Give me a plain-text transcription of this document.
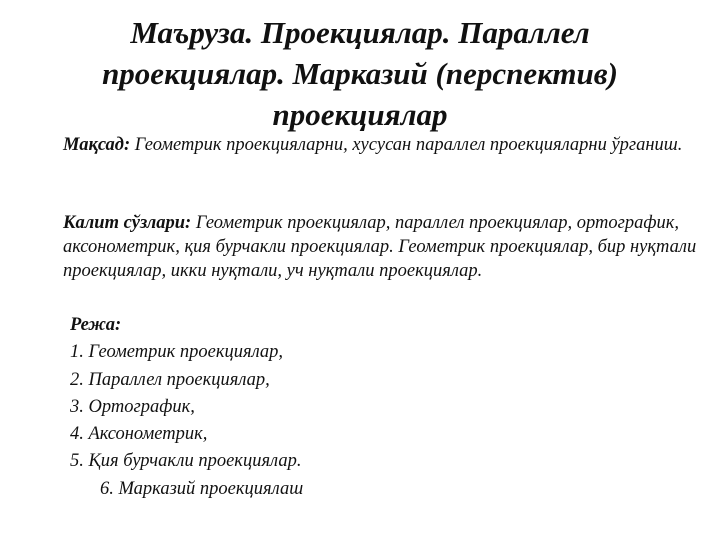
Маъруза. Проекциялар. Параллел
проекциялар. Марказий (перспектив)
проекциялар
Мақсад: Геометрик проекцияларни, хусусан параллел проекцияларни ўрганиш.
Калит сўзлари: Геометрик проекциялар, параллел проекциялар, ортографик, аксонометрик, қия бурчакли проекциялар. Геометрик проекциялар, бир нуқтали проекциялар, икки нуқтали, уч нуқтали проекциялар.
Режа:
1. Геометрик проекциялар,
2. Параллел проекциялар,
3. Ортографик,
4. Аксонометрик,
5. Қия бурчакли проекциялар.
6. Марказий проекциялаш
